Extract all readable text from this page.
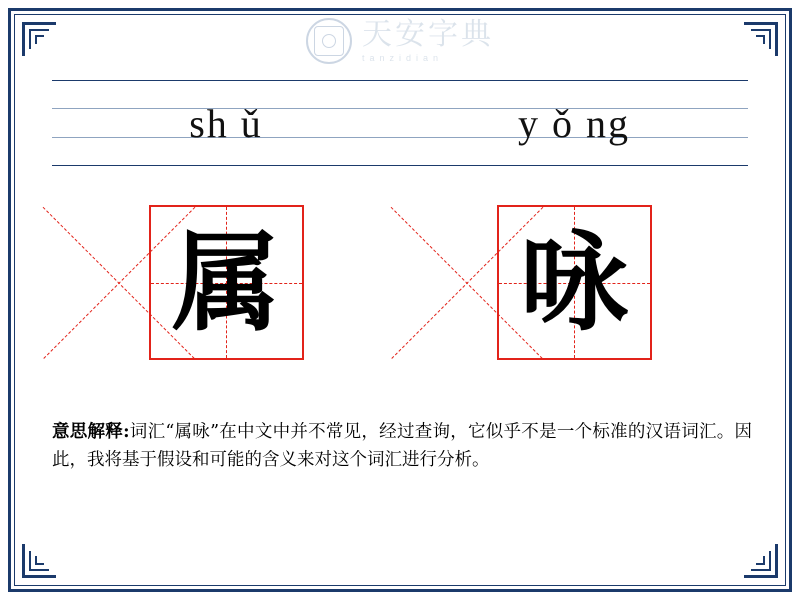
天安字典
tanzidian
sh ǔ	y ǒ ng
属 咏
意思解释:词汇“属咏”在中文中并不常见，经过查询，它似乎不是一个标准的汉语词汇。因此，我将基于假设和可能的含义来对这个词汇进行分析。
